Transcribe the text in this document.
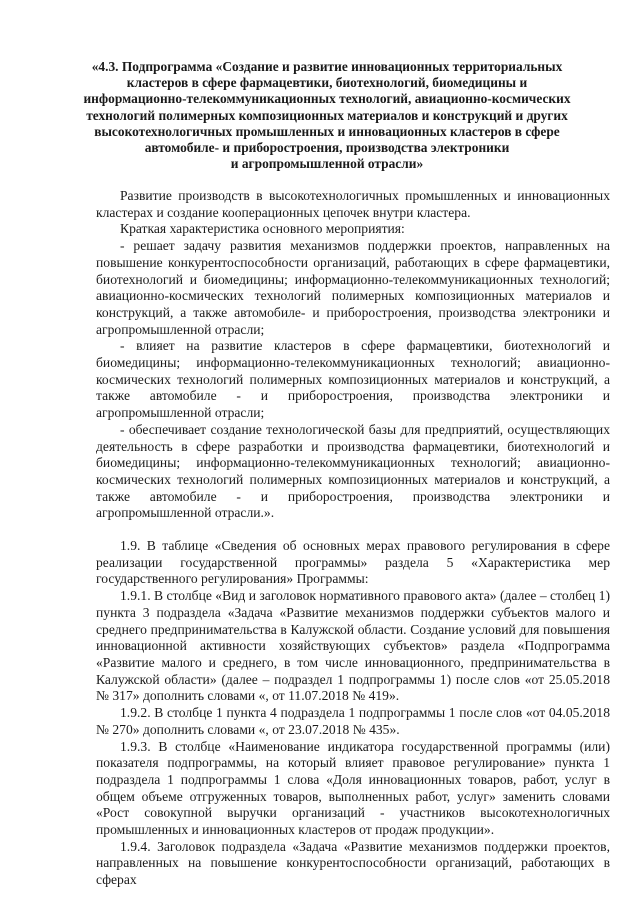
«4.3. Подпрограмма «Создание и развитие инновационных территориальных
кластеров в сфере фармацевтики, биотехнологий, биомедицины и
информационно-телекоммуникационных технологий, авиационно-космических
технологий полимерных композиционных материалов и конструкций и других
высокотехнологичных промышленных и инновационных кластеров в сфере
автомобиле- и приборостроения, производства электроники
и агропромышленной отрасли»

Развитие производств в высокотехнологичных промышленных и инновационных кластерах и создание кооперационных цепочек внутри кластера.

Краткая характеристика основного мероприятия:

- решает задачу развития механизмов поддержки проектов, направленных на повышение конкурентоспособности организаций, работающих в сфере фармацевтики, биотехнологий и биомедицины; информационно-телекоммуникационных технологий; авиационно-космических технологий полимерных композиционных материалов и конструкций, а также автомобиле- и приборостроения, производства электроники и агропромышленной отрасли;

- влияет на развитие кластеров в сфере фармацевтики, биотехнологий и биомедицины; информационно-телекоммуникационных технологий; авиационно-космических технологий полимерных композиционных материалов и конструкций, а также автомобиле - и приборостроения, производства электроники и агропромышленной отрасли;

- обеспечивает создание технологической базы для предприятий, осуществляющих деятельность в сфере разработки и производства фармацевтики, биотехнологий и биомедицины; информационно-телекоммуникационных технологий; авиационно-космических технологий полимерных композиционных материалов и конструкций, а также автомобиле - и приборостроения, производства электроники и агропромышленной отрасли.».

1.9. В таблице «Сведения об основных мерах правового регулирования в сфере реализации государственной программы» раздела 5 «Характеристика мер государственного регулирования» Программы:

1.9.1. В столбце «Вид и заголовок нормативного правового акта» (далее – столбец 1) пункта 3 подраздела «Задача «Развитие механизмов поддержки субъектов малого и среднего предпринимательства в Калужской области. Создание условий для повышения инновационной активности хозяйствующих субъектов» раздела «Подпрограмма «Развитие малого и среднего, в том числе инновационного, предпринимательства в Калужской области» (далее – подраздел 1 подпрограммы 1) после слов «от 25.05.2018 № 317» дополнить словами «, от 11.07.2018 № 419».

1.9.2. В столбце 1 пункта 4 подраздела 1 подпрограммы 1 после слов «от 04.05.2018 № 270» дополнить словами «, от 23.07.2018 № 435».

1.9.3. В столбце «Наименование индикатора государственной программы (или) показателя подпрограммы, на который влияет правовое регулирование» пункта 1 подраздела 1 подпрограммы 1 слова «Доля инновационных товаров, работ, услуг в общем объеме отгруженных товаров, выполненных работ, услуг» заменить словами «Рост совокупной выручки организаций - участников высокотехнологичных промышленных и инновационных кластеров от продаж продукции».

1.9.4. Заголовок подраздела «Задача «Развитие механизмов поддержки проектов, направленных на повышение конкурентоспособности организаций, работающих в сферах
